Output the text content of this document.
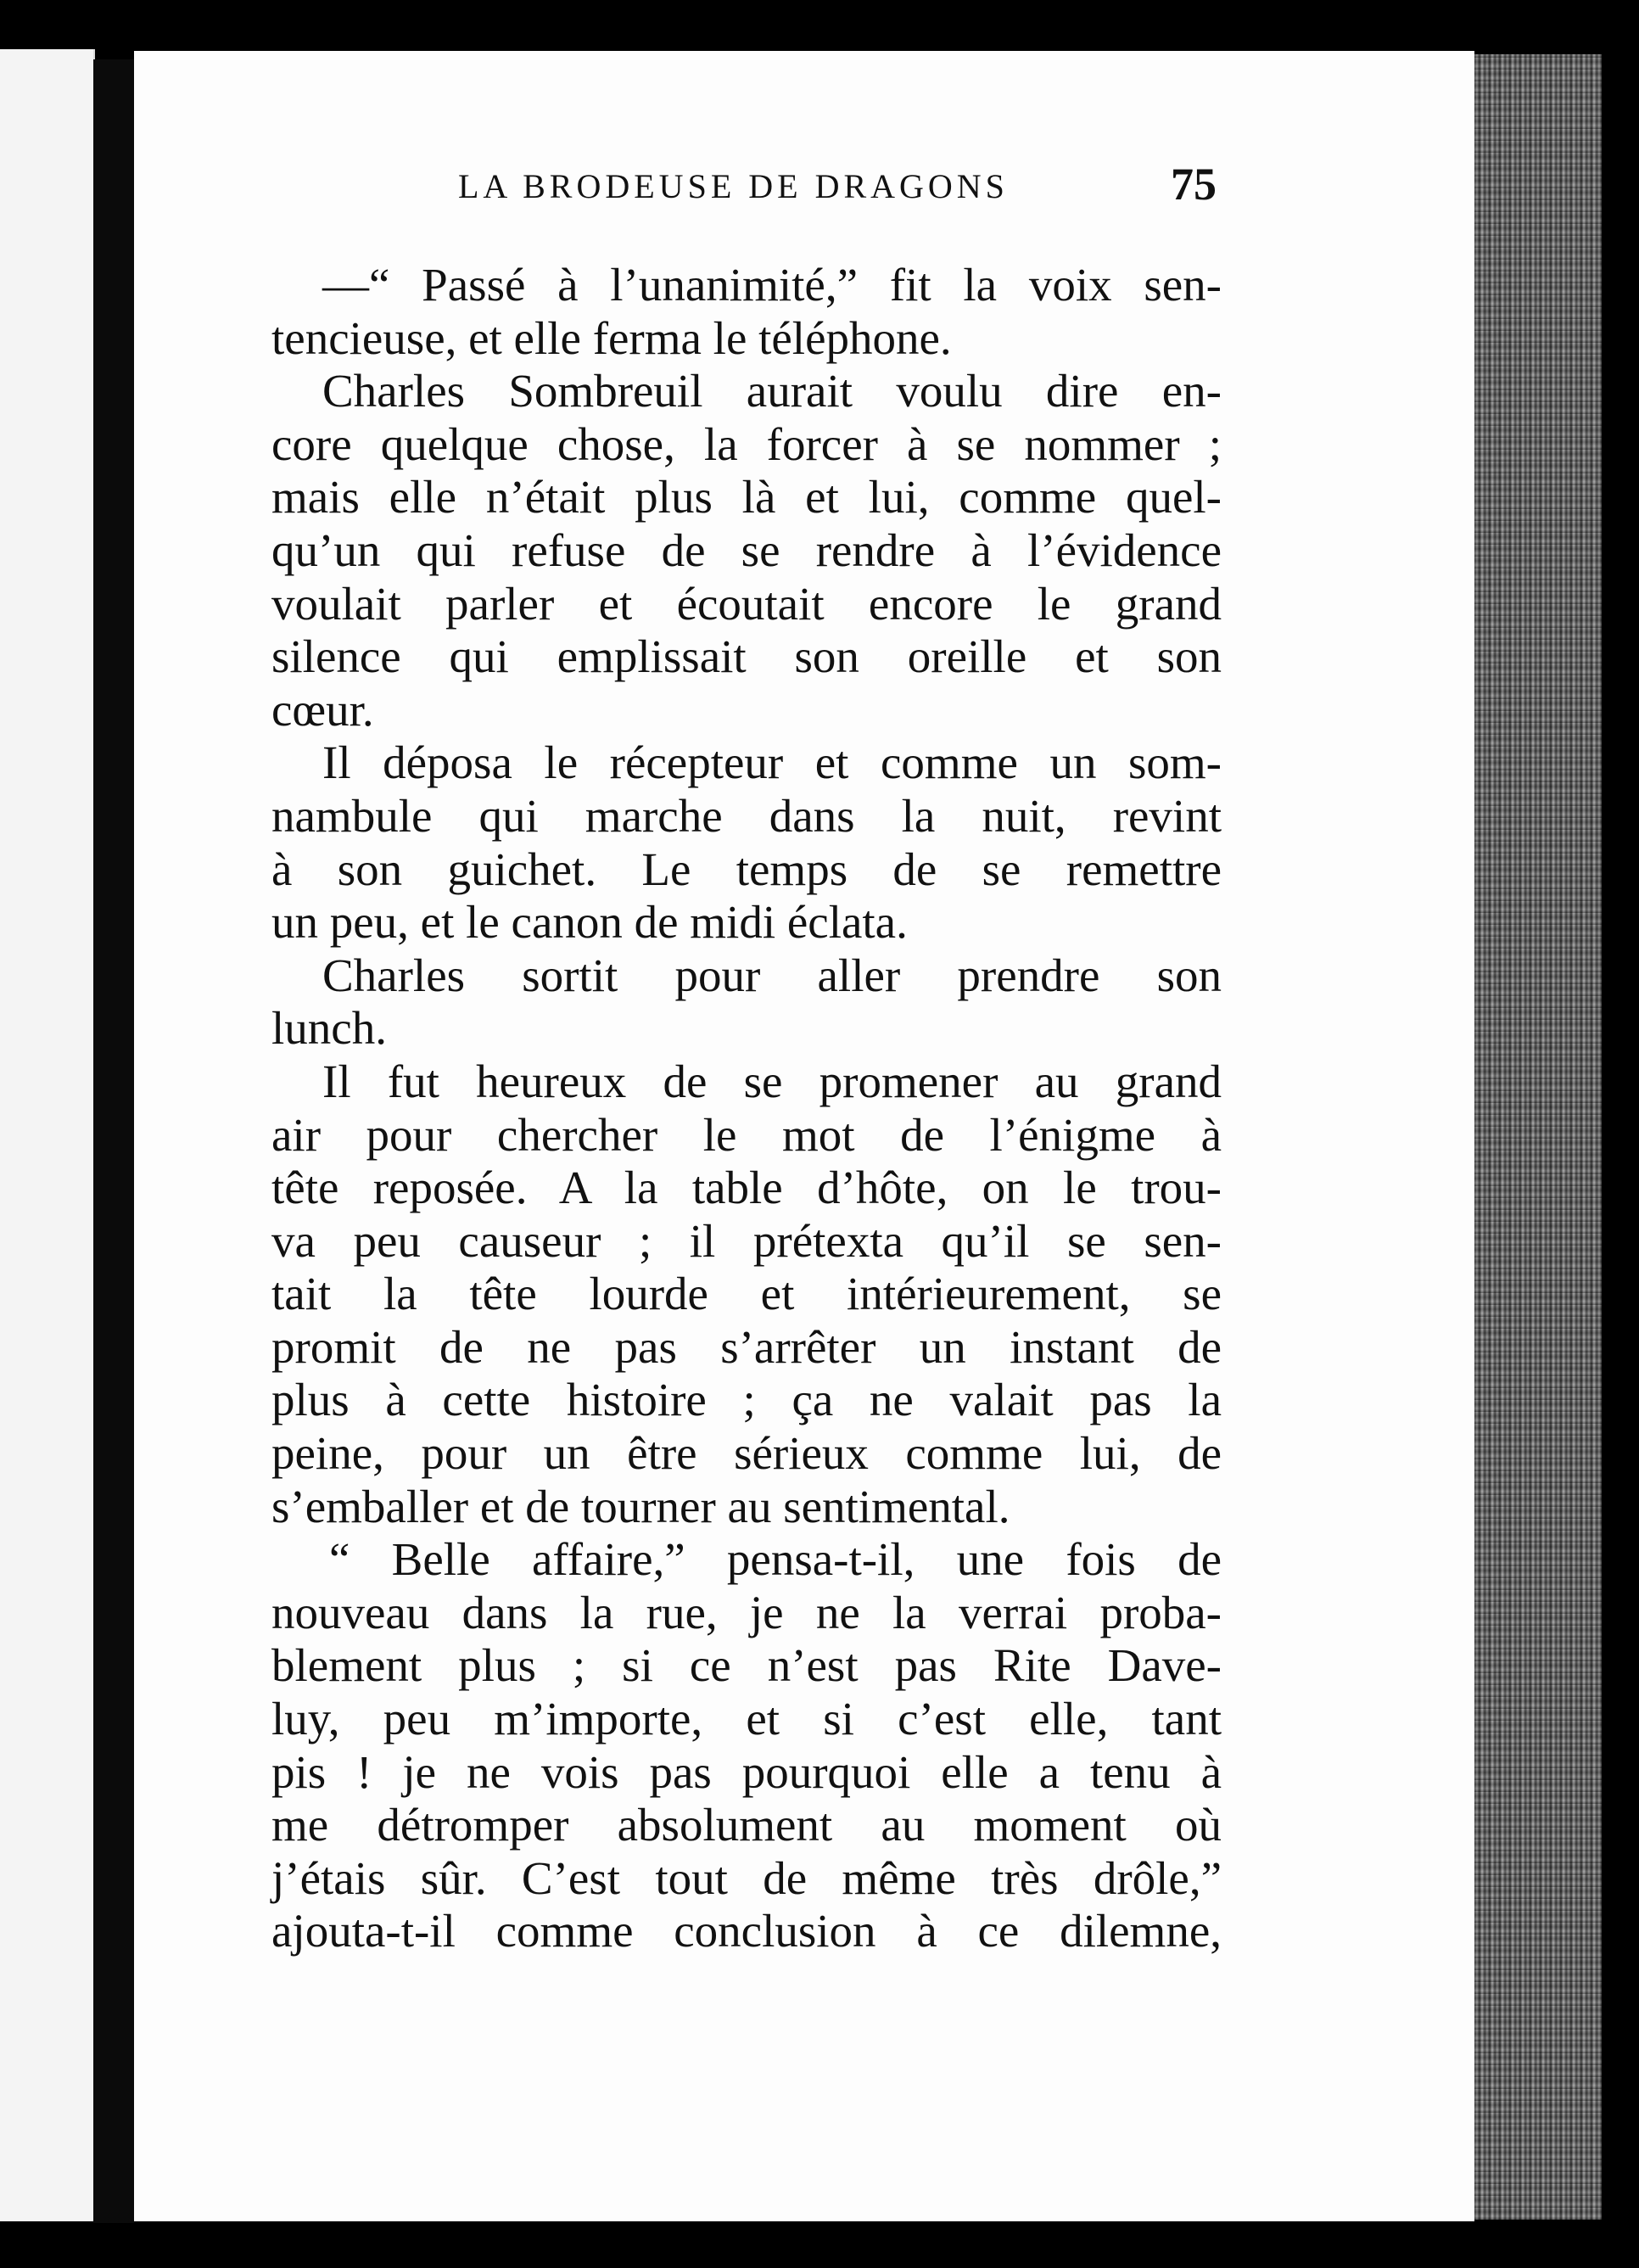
LA BRODEUSE DE DRAGONS	75
—“ Passé à l’unanimité,” fit la voix sen-
tencieuse, et elle ferma le téléphone.
Charles Sombreuil aurait voulu dire en-
core quelque chose, la forcer à se nommer ;
mais elle n’était plus là et lui, comme quel-
qu’un qui refuse de se rendre à l’évidence
voulait parler et écoutait encore le grand
silence qui emplissait son oreille et son
cœur.
Il déposa le récepteur et comme un som-
nambule qui marche dans la nuit, revint
à son guichet. Le temps de se remettre
un peu, et le canon de midi éclata.
Charles sortit pour aller prendre son
lunch.
Il fut heureux de se promener au grand
air pour chercher le mot de l’énigme à
tête reposée. A la table d’hôte, on le trou-
va peu causeur ; il prétexta qu’il se sen-
tait la tête lourde et intérieurement, se
promit de ne pas s’arrêter un instant de
plus à cette histoire ; ça ne valait pas la
peine, pour un être sérieux comme lui, de
s’emballer et de tourner au sentimental.
“ Belle affaire,” pensa-t-il, une fois de
nouveau dans la rue, je ne la verrai proba-
blement plus ; si ce n’est pas Rite Dave-
luy, peu m’importe, et si c’est elle, tant
pis ! je ne vois pas pourquoi elle a tenu à
me détromper absolument au moment où
j’étais sûr. C’est tout de même très drôle,”
ajouta-t-il comme conclusion à ce dilemne,
